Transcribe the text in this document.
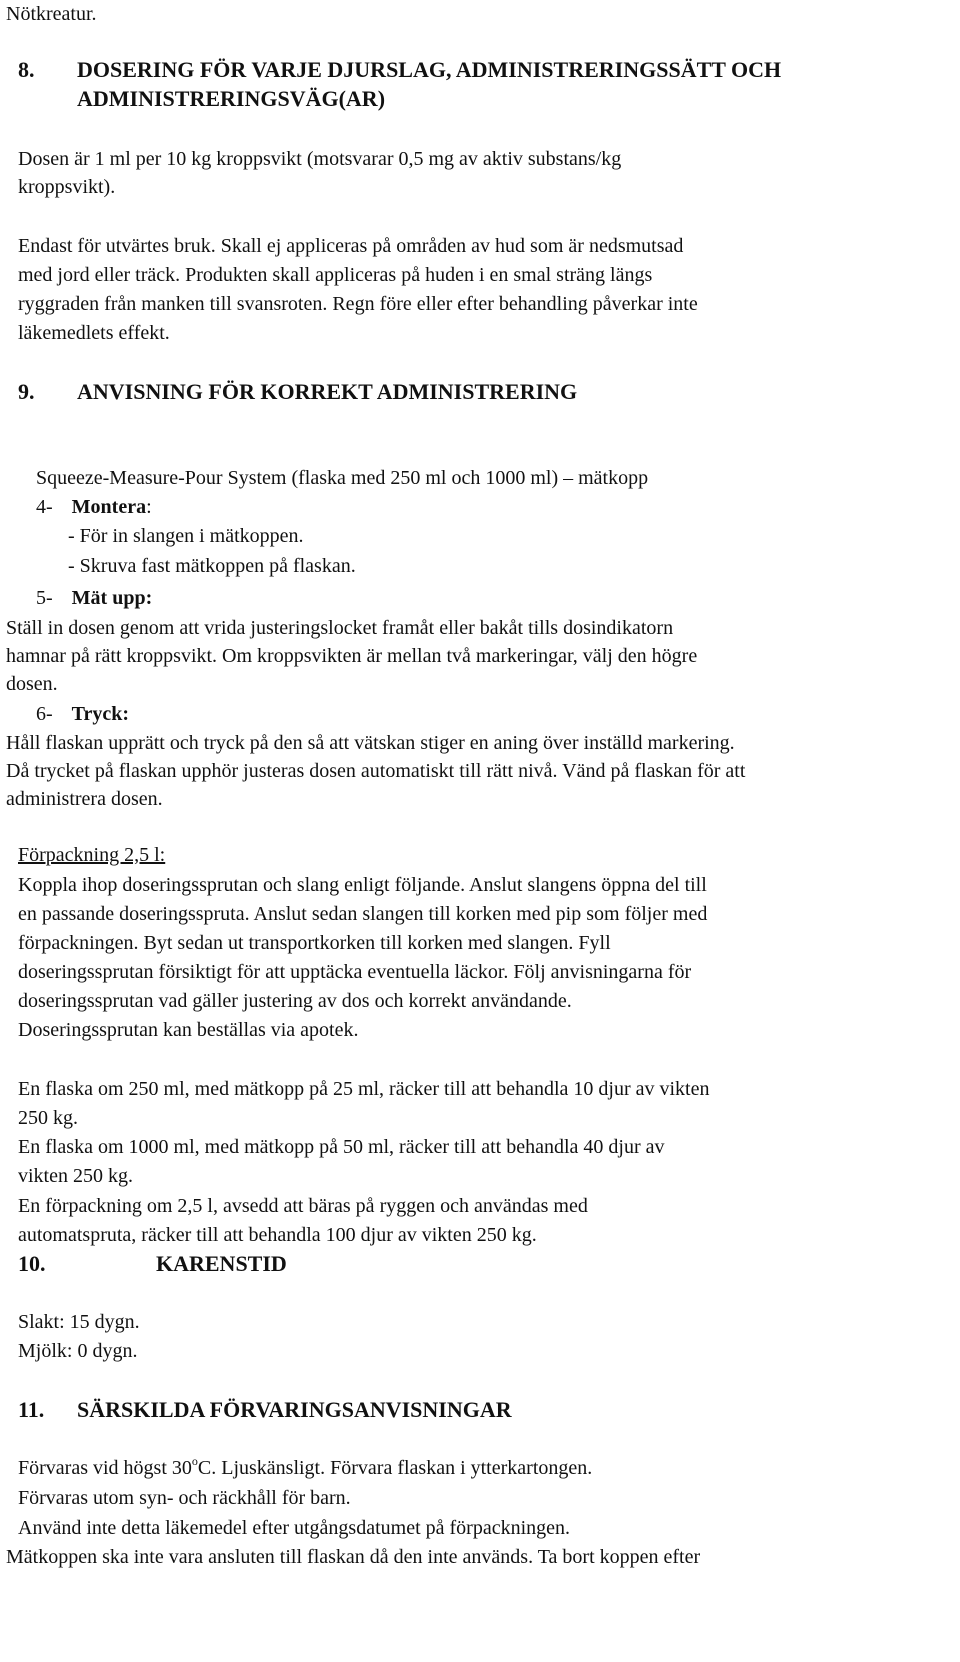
Nötkreatur.

8. DOSERING FÖR VARJE DJURSLAG, ADMINISTRERINGSSÄTT OCH

ADMINISTRERINGSVÄG(AR)

Dosen är 1 ml per 10 kg kroppsvikt (motsvarar 0,5 mg av aktiv substans/kg

kroppsvikt).

Endast för utvärtes bruk. Skall ej appliceras på områden av hud som är nedsmutsad

med jord eller träck. Produkten skall appliceras på huden i en smal sträng längs

ryggraden från manken till svansroten. Regn före eller efter behandling påverkar inte

läkemedlets effekt.

9. ANVISNING FÖR KORREKT ADMINISTRERING

Squeeze-Measure-Pour System (flaska med 250 ml och 1000 ml) – mätkopp

4- Montera:

- För in slangen i mätkoppen.

- Skruva fast mätkoppen på flaskan.

5- Mät upp:

Ställ in dosen genom att vrida justeringslocket framåt eller bakåt tills dosindikatorn

hamnar på rätt kroppsvikt. Om kroppsvikten är mellan två markeringar, välj den högre

dosen.

6- Tryck:

Håll flaskan upprätt och tryck på den så att vätskan stiger en aning över inställd markering.

Då trycket på flaskan upphör justeras dosen automatiskt till rätt nivå. Vänd på flaskan för att

administrera dosen.

Förpackning 2,5 l:

Koppla ihop doseringssprutan och slang enligt följande. Anslut slangens öppna del till

en passande doseringsspruta. Anslut sedan slangen till korken med pip som följer med

förpackningen. Byt sedan ut transportkorken till korken med slangen. Fyll

doseringssprutan försiktigt för att upptäcka eventuella läckor. Följ anvisningarna för

doseringssprutan vad gäller justering av dos och korrekt användande.

Doseringssprutan kan beställas via apotek.

En flaska om 250 ml, med mätkopp på 25 ml, räcker till att behandla 10 djur av vikten

250 kg.

En flaska om 1000 ml, med mätkopp på 50 ml, räcker till att behandla 40 djur av

vikten 250 kg.

En förpackning om 2,5 l, avsedd att bäras på ryggen och användas med

automatspruta, räcker till att behandla 100 djur av vikten 250 kg.

10.	KARENSTID

Slakt: 15 dygn.

Mjölk: 0 dygn.

11. SÄRSKILDA FÖRVARINGSANVISNINGAR

Förvaras vid högst 30$^o$C. Ljuskänsligt. Förvara flaskan i ytterkartongen.

Förvaras utom syn- och räckhåll för barn.

Använd inte detta läkemedel efter utgångsdatumet på förpackningen.

Mätkoppen ska inte vara ansluten till flaskan då den inte används. Ta bort koppen efter
